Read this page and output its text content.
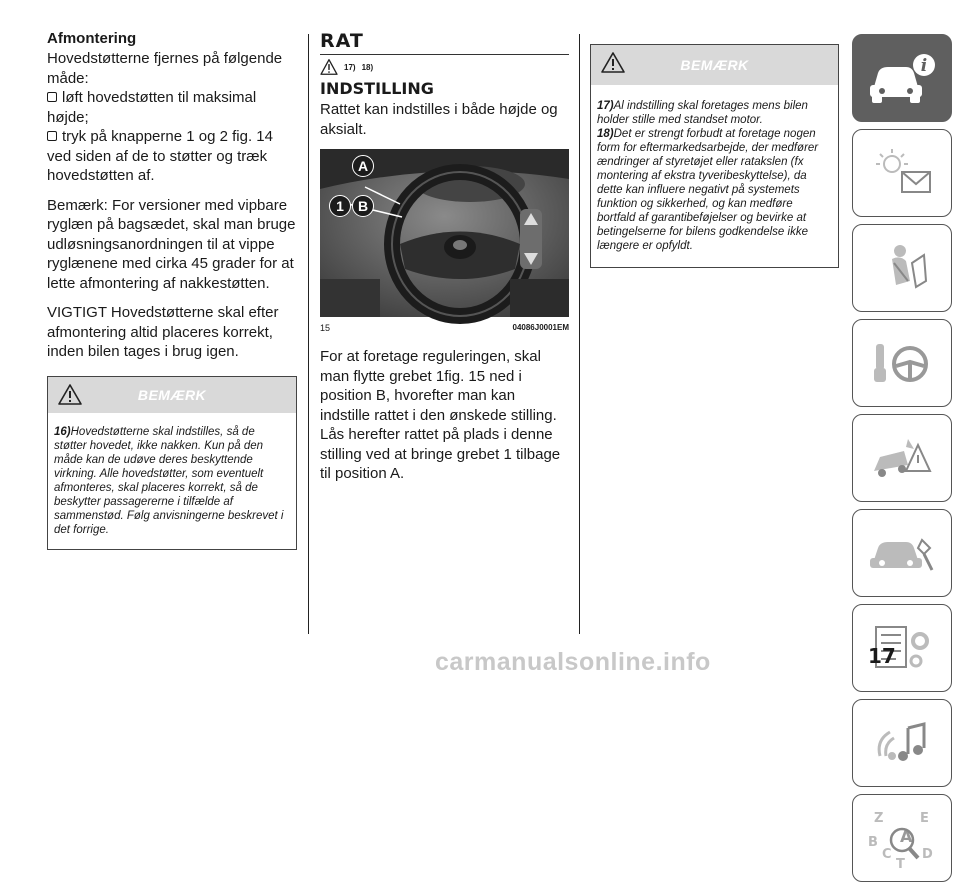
Afmontering
Hovedstøtterne fjernes på følgende måde:
løft hovedstøtten til maksimal højde;
tryk på knapperne 1 og 2 fig. 14 ved siden af de to støtter og træk hovedstøtten af.
Bemærk: For versioner med vipbare ryglæn på bagsædet, skal man bruge udløsningsanordningen til at vippe ryglænene med cirka 45 grader for at lette afmontering af nakkestøtten.
VIGTIGT Hovedstøtterne skal efter afmontering altid placeres korrekt, inden bilen tages i brug igen.
BEMÆRK
16)Hovedstøtterne skal indstilles, så de støtter hovedet, ikke nakken. Kun på den måde kan de udøve deres beskyttende virkning. Alle hovedstøtter, som eventuelt afmonteres, skal placeres korrekt, så de beskytter passagererne i tilfælde af sammenstød. Følg anvisningerne beskrevet i det forrige.
RAT
17) 18)
INDSTILLING
Rattet kan indstilles i både højde og aksialt.
A
1 B
15	04086J0001EM
For at foretage reguleringen, skal man flytte grebet 1fig. 15 ned i position B, hvorefter man kan indstille rattet i den ønskede stilling. Lås herefter rattet på plads i denne stilling ved at bringe grebet 1 tilbage til position A.
BEMÆRK
17)Al indstilling skal foretages mens bilen holder stille med standset motor.
18)Det er strengt forbudt at foretage nogen form for eftermarkedsarbejde, der medfører ændringer af styretøjet eller ratakslen (fx montering af ekstra tyveribeskyttelse), da dette kan influere negativt på systemets funktion og sikkerhed, og kan medføre bortfald af garantibeføjelser og bevirke at betingelserne for bilens godkendelse ikke længere er opfyldt.
i
Z	E
B A
C
T
D
17
carmanualsonline.info
